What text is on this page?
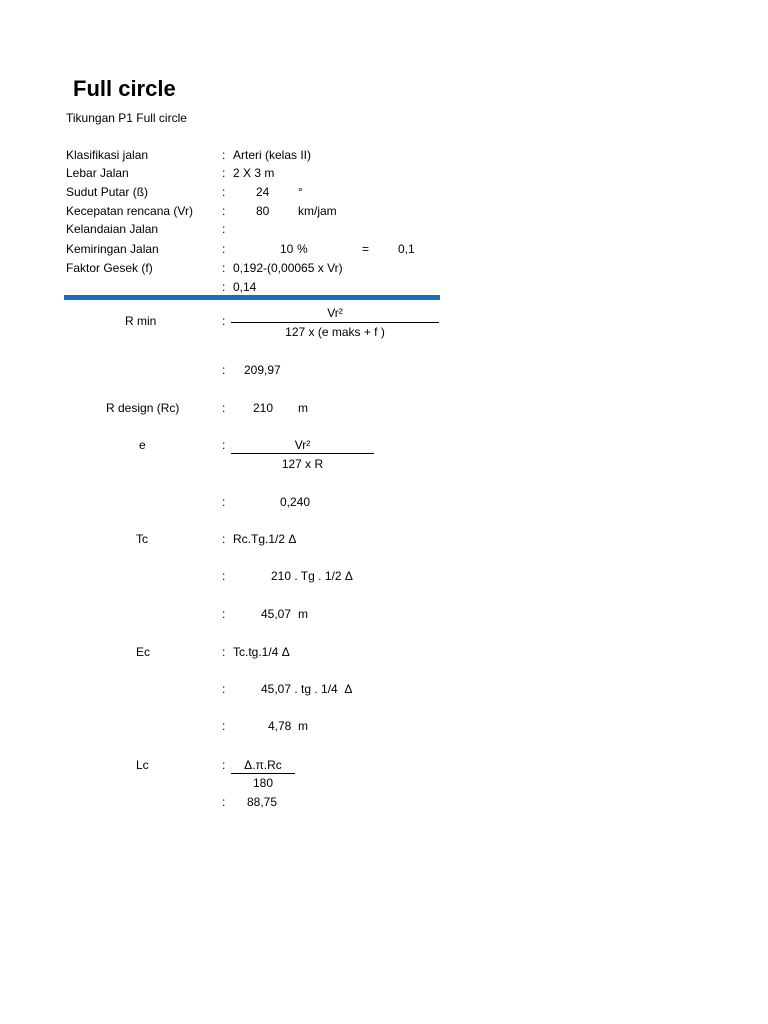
Full circle
Tikungan P1 Full circle
Klasifikasi jalan	: Arteri (kelas II)
Lebar Jalan	: 2 X 3 m
Sudut Putar (ß)	:	24 °
Kecepatan rencana (Vr) :	80 km/jam
Kelandaian Jalan	:
Kemiringan Jalan	:	10 %	= 0,1
Faktor Gesek (f)	: 0,192-(0,00065 x Vr)
: 0,14
R min	:
Vr²
127 x (e maks + f )
: 209,97
R design (Rc)	: 210 m
e	:	Vr²
127 x R
:	0,240
Tc	: Rc.Tg.1/2 Δ
:	210 . Tg . 1/2 Δ
:	45,07 m
Ec	: Tc.tg.1/4 Δ
:	45,07 . tg . 1/4  Δ
:	4,78 m
Lc	:	Δ.π.Rc
180
: 88,75
